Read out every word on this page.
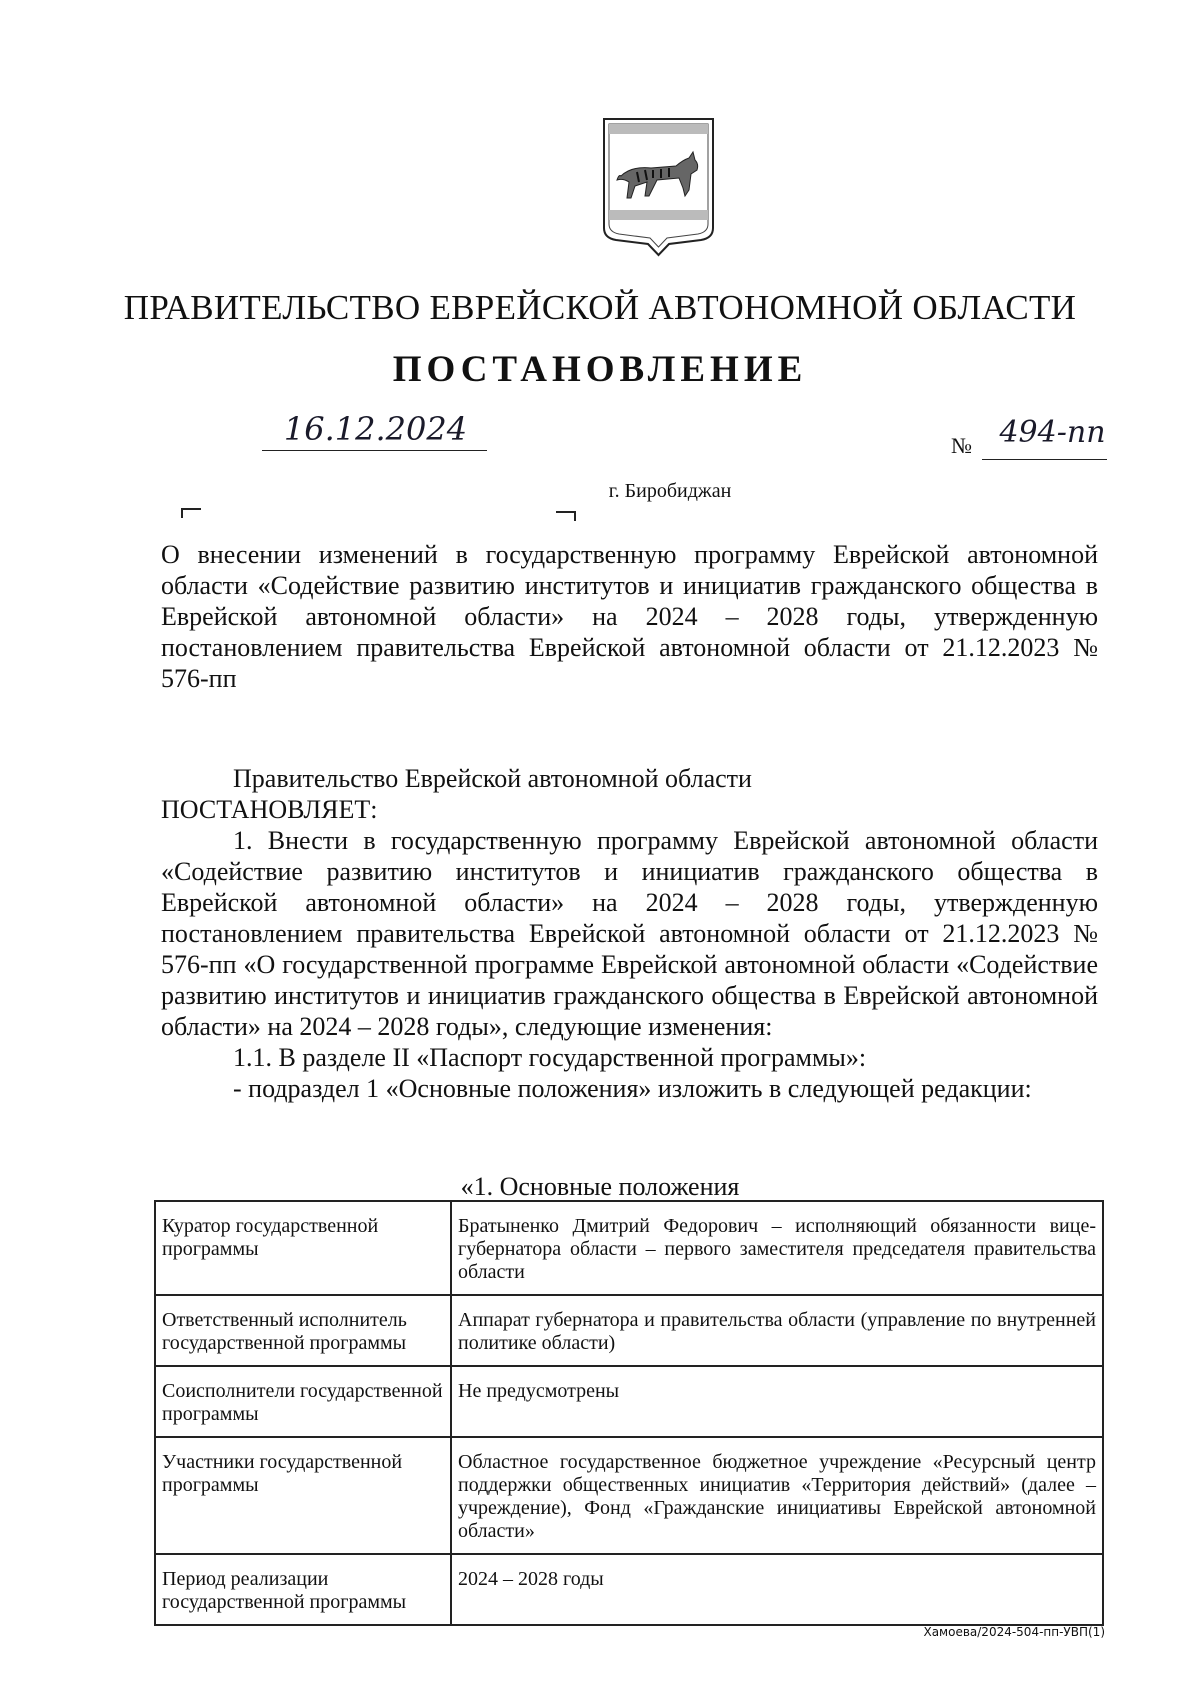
ПРАВИТЕЛЬСТВО ЕВРЕЙСКОЙ АВТОНОМНОЙ ОБЛАСТИ
ПОСТАНОВЛЕНИЕ
16.12.2024	№ 494-пп
г. Биробиджан
О внесении изменений в государственную программу Еврейской автономной области «Содействие развитию институтов и инициатив гражданского общества в Еврейской автономной области» на 2024 – 2028 годы, утвержденную постановлением правительства Еврейской автономной области от 21.12.2023 № 576-пп

Правительство Еврейской автономной области

ПОСТАНОВЛЯЕТ:

1. Внести в государственную программу Еврейской автономной области «Содействие развитию институтов и инициатив гражданского общества в Еврейской автономной области» на 2024 – 2028 годы, утвержденную постановлением правительства Еврейской автономной области от 21.12.2023 № 576-пп «О государственной программе Еврейской автономной области «Содействие развитию институтов и инициатив гражданского общества в Еврейской автономной области» на 2024 – 2028 годы», следующие изменения:

1.1. В разделе II «Паспорт государственной программы»:

- подраздел 1 «Основные положения» изложить в следующей редакции:

«1. Основные положения
Куратор государственной программы	Братыненко Дмитрий Федорович – исполняющий обязанности вице-губернатора области – первого заместителя председателя правительства области
Ответственный исполнитель государственной программы	Аппарат губернатора и правительства области (управление по внутренней политике области)
Соисполнители государственной программы	Не предусмотрены
Участники государственной программы	Областное государственное бюджетное учреждение «Ресурсный центр поддержки общественных инициатив «Территория действий» (далее – учреждение), Фонд «Гражданские инициативы Еврейской автономной области»
Период реализации государственной программы	2024 – 2028 годы
Хамоева/2024-504-пп-УВП(1)
